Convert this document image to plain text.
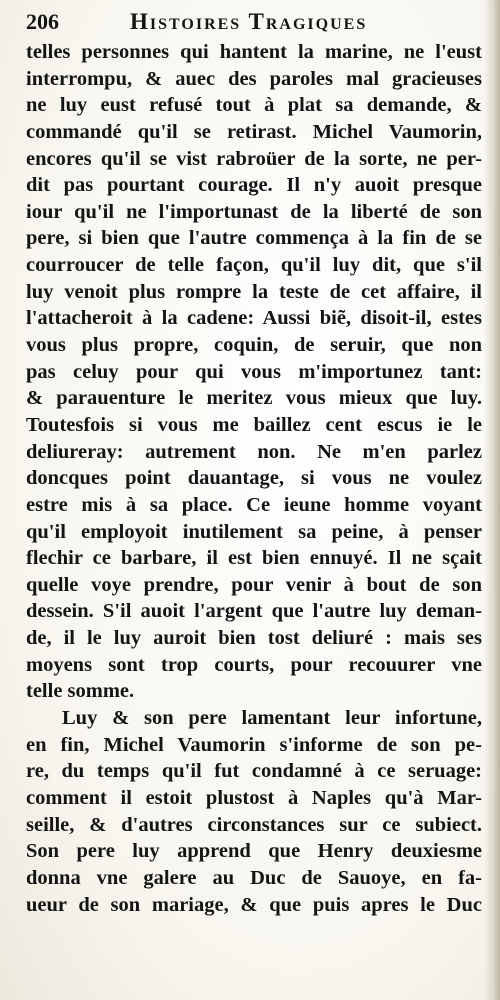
206	Histoires Tragiques
telles personnes qui hantent la marine, ne l'eust
interrompu, & auec des paroles mal gracieuses
ne luy eust refusé tout à plat sa demande, &
commandé qu'il se retirast. Michel Vaumorin,
encores qu'il se vist rabroüer de la sorte, ne per-
dit pas pourtant courage. Il n'y auoit presque
iour qu'il ne l'importunast de la liberté de son
pere, si bien que l'autre commença à la fin de se
courroucer de telle façon, qu'il luy dit, que s'il
luy venoit plus rompre la teste de cet affaire, il
l'attacheroit à la cadene: Aussi biẽ, disoit-il, estes
vous plus propre, coquin, de seruir, que non
pas celuy pour qui vous m'importunez tant:
& parauenture le meritez vous mieux que luy.
Toutesfois si vous me baillez cent escus ie le
deliureray: autrement non. Ne m'en parlez
doncques point dauantage, si vous ne voulez
estre mis à sa place. Ce ieune homme voyant
qu'il employoit inutilement sa peine, à penser
flechir ce barbare, il est bien ennuyé. Il ne sçait
quelle voye prendre, pour venir à bout de son
dessein. S'il auoit l'argent que l'autre luy deman-
de, il le luy auroit bien tost deliuré : mais ses
moyens sont trop courts, pour recouurer vne
telle somme.
Luy & son pere lamentant leur infortune,
en fin, Michel Vaumorin s'informe de son pe-
re, du temps qu'il fut condamné à ce seruage:
comment il estoit plustost à Naples qu'à Mar-
seille, & d'autres circonstances sur ce subiect.
Son pere luy apprend que Henry deuxiesme
donna vne galere au Duc de Sauoye, en fa-
ueur de son mariage, & que puis apres le Duc
